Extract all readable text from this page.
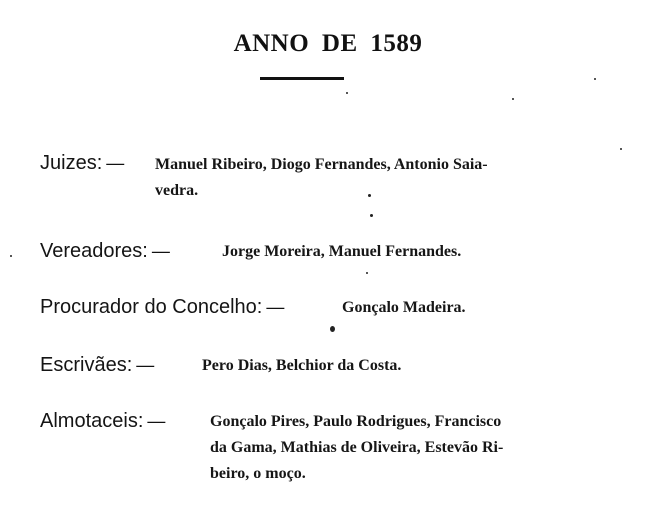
ANNO DE 1589
Juizes: —	Manuel Ribeiro, Diogo Fernandes, Antonio Saia-
vedra.
Vereadores: —	Jorge Moreira, Manuel Fernandes.
Procurador do Concelho: —	Gonçalo Madeira.
Escrivães: —	Pero Dias, Belchior da Costa.
Almotaceis: —	Gonçalo Pires, Paulo Rodrigues, Francisco
da Gama, Mathias de Oliveira, Estevão Ri-
beiro, o moço.
